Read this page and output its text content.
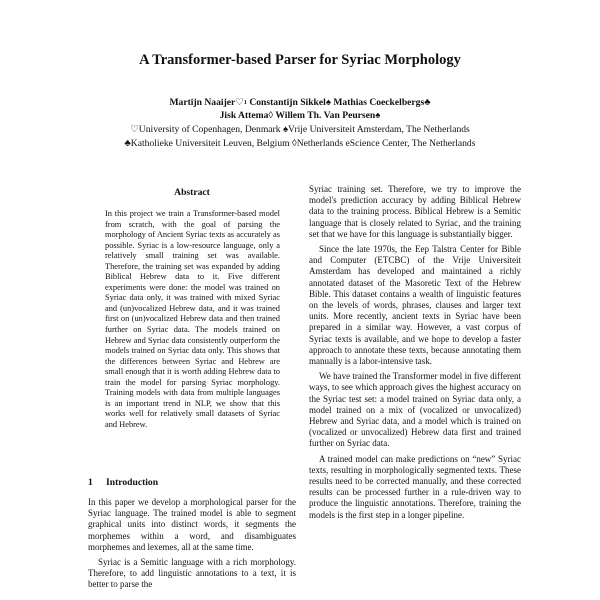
A Transformer-based Parser for Syriac Morphology
Martijn Naaijer♡$^1$ Constantijn Sikkel♠ Mathias Coeckelbergs♣
Jisk Attema◊ Willem Th. Van Peursen♠
♡University of Copenhagen, Denmark ♠Vrije Universiteit Amsterdam, The Netherlands
♣Katholieke Universiteit Leuven, Belgium ◊Netherlands eScience Center, The Netherlands
Abstract
In this project we train a Transformer-based model from scratch, with the goal of parsing the morphology of Ancient Syriac texts as accurately as possible. Syriac is a low-resource language, only a relatively small training set was available. Therefore, the training set was expanded by adding Biblical Hebrew data to it. Five different experiments were done: the model was trained on Syriac data only, it was trained with mixed Syriac and (un)vocalized Hebrew data, and it was trained first on (un)vocalized Hebrew data and then trained further on Syriac data. The models trained on Hebrew and Syriac data consistently outperform the models trained on Syriac data only. This shows that the differences between Syriac and Hebrew are small enough that it is worth adding Hebrew data to train the model for parsing Syriac morphology. Training models with data from multiple languages is an important trend in NLP, we show that this works well for relatively small datasets of Syriac and Hebrew.
1 Introduction

In this paper we develop a morphological parser for the Syriac language. The trained model is able to segment graphical units into distinct words, it segments the morphemes within a word, and disambiguates morphemes and lexemes, all at the same time.

Syriac is a Semitic language with a rich morphology. Therefore, to add linguistic annotations to a text, it is better to parse the

Syriac training set. Therefore, we try to improve the model's prediction accuracy by adding Biblical Hebrew data to the training process. Biblical Hebrew is a Semitic language that is closely related to Syriac, and the training set that we have for this language is substantially bigger.

Since the late 1970s, the Eep Talstra Center for Bible and Computer (ETCBC) of the Vrije Universiteit Amsterdam has developed and maintained a richly annotated dataset of the Masoretic Text of the Hebrew Bible. This dataset contains a wealth of linguistic features on the levels of words, phrases, clauses and larger text units. More recently, ancient texts in Syriac have been prepared in a similar way. However, a vast corpus of Syriac texts is available, and we hope to develop a faster approach to annotate these texts, because annotating them manually is a labor-intensive task.

We have trained the Transformer model in five different ways, to see which approach gives the highest accuracy on the Syriac test set: a model trained on Syriac data only, a model trained on a mix of (vocalized or unvocalized) Hebrew and Syriac data, and a model which is trained on (vocalized or unvocalized) Hebrew data first and trained further on Syriac data.

A trained model can make predictions on “new” Syriac texts, resulting in morphologically segmented texts. These results need to be corrected manually, and these corrected results can be processed further in a rule-driven way to produce the linguistic annotations. Therefore, training the models is the first step in a longer pipeline.
